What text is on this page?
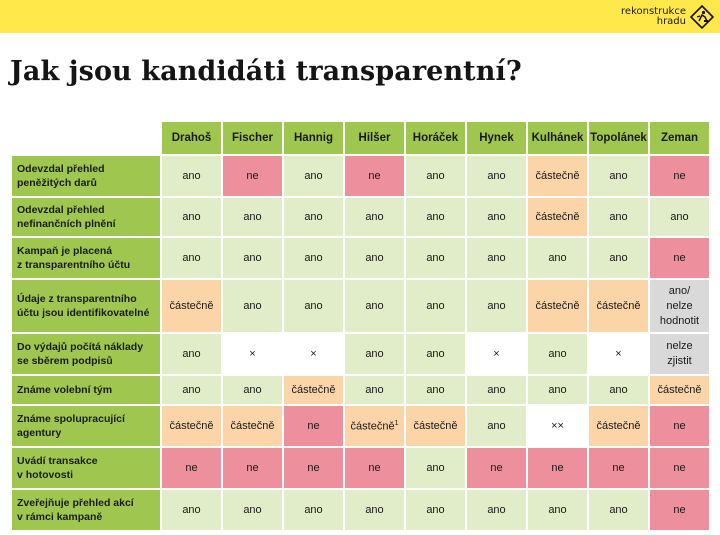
rekonstrukce
hradu
Jak jsou kandidáti transparentní?
	Drahoš	Fischer	Hannig	Hilšer	Horáček	Hynek	Kulhánek	Topolánek	Zeman
Odevzdal přehled
peněžitých darů	ano	ne	ano	ne	ano	ano	částečně	ano	ne
Odevzdal přehled
nefinančních plnění	ano	ano	ano	ano	ano	ano	částečně	ano	ano
Kampaň je placená
z transparentního účtu	ano	ano	ano	ano	ano	ano	ano	ano	ne
Údaje z transparentního
účtu jsou identifikovatelné	částečně	ano	ano	ano	ano	ano	částečně	částečně	ano/
nelze
hodnotit
Do výdajů počítá náklady
se sběrem podpisů	ano	×	×	ano	ano	×	ano	×	nelze
zjistit
Známe volební tým	ano	ano	částečně	ano	ano	ano	ano	ano	částečně
Známe spolupracující
agentury	částečně	částečně	ne	částečně$^1$	částečně	ano	××	částečně	ne
Uvádí transakce
v hotovosti	ne	ne	ne	ne	ano	ne	ne	ne	ne
Zveřejňuje přehled akcí
v rámci kampaně	ano	ano	ano	ano	ano	ano	ano	ano	ne
